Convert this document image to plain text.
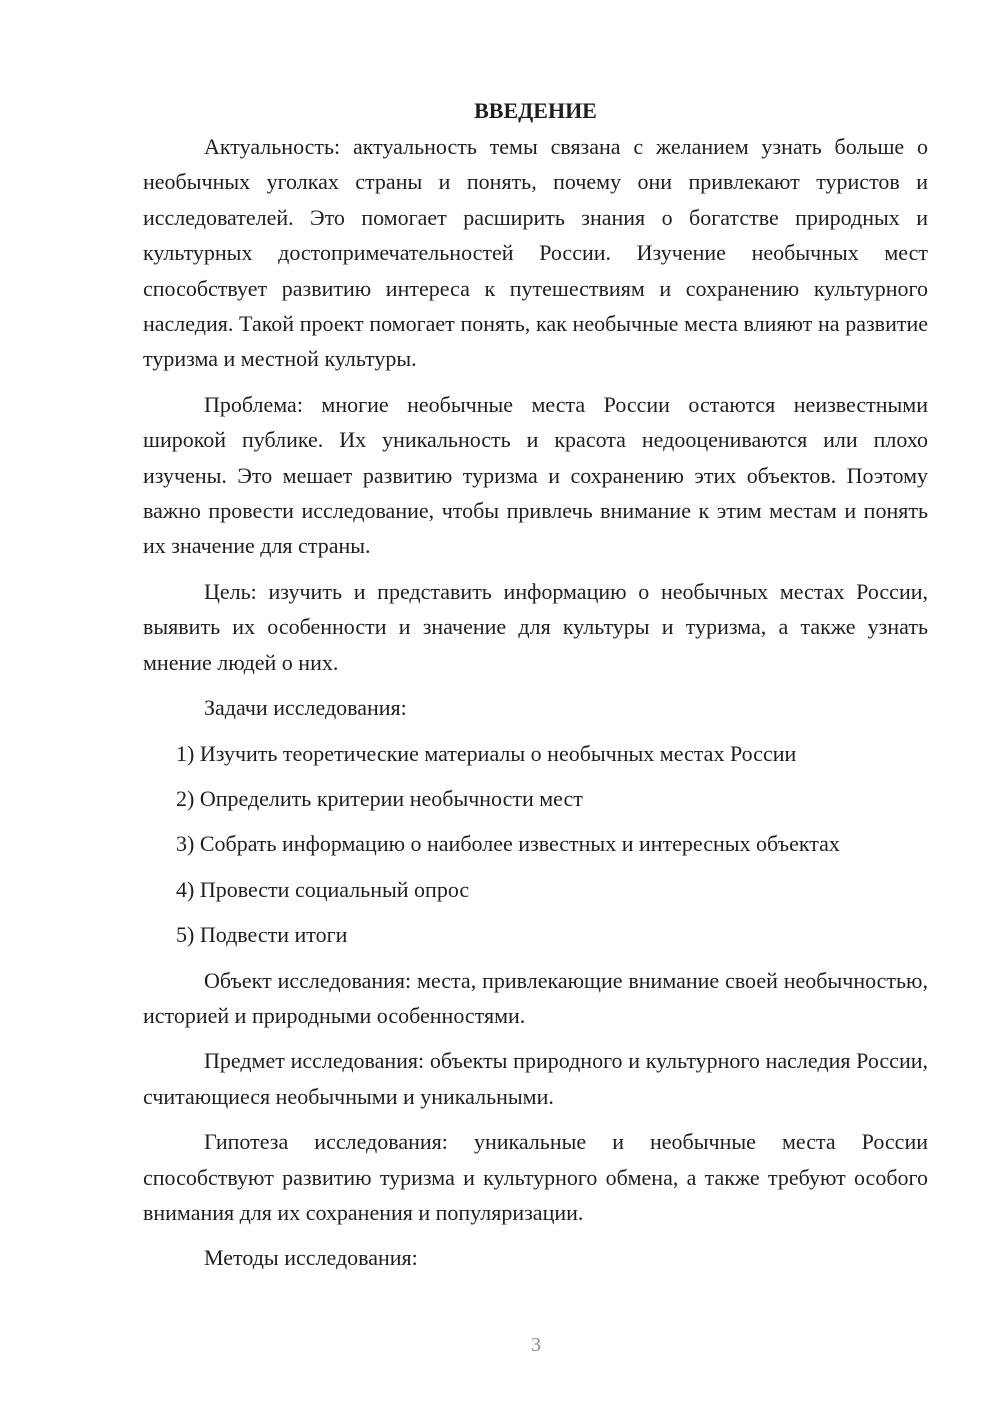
ВВЕДЕНИЕ

Актуальность: актуальность темы связана с желанием узнать больше о необычных уголках страны и понять, почему они привлекают туристов и исследователей. Это помогает расширить знания о богатстве природных и культурных достопримечательностей России. Изучение необычных мест способствует развитию интереса к путешествиям и сохранению культурного наследия. Такой проект помогает понять, как необычные места влияют на развитие туризма и местной культуры.

Проблема: многие необычные места России остаются неизвестными широкой публике. Их уникальность и красота недооцениваются или плохо изучены. Это мешает развитию туризма и сохранению этих объектов. Поэтому важно провести исследование, чтобы привлечь внимание к этим местам и понять их значение для страны.

Цель: изучить и представить информацию о необычных местах России, выявить их особенности и значение для культуры и туризма, а также узнать мнение людей о них.

Задачи исследования:

1) Изучить теоретические материалы о необычных местах России

2) Определить критерии необычности мест

3) Собрать информацию о наиболее известных и интересных объектах

4) Провести социальный опрос

5) Подвести итоги

Объект исследования: места, привлекающие внимание своей необычностью, историей и природными особенностями.

Предмет исследования: объекты природного и культурного наследия России, считающиеся необычными и уникальными.

Гипотеза исследования: уникальные и необычные места России способствуют развитию туризма и культурного обмена, а также требуют особого внимания для их сохранения и популяризации.

Методы исследования:

3
